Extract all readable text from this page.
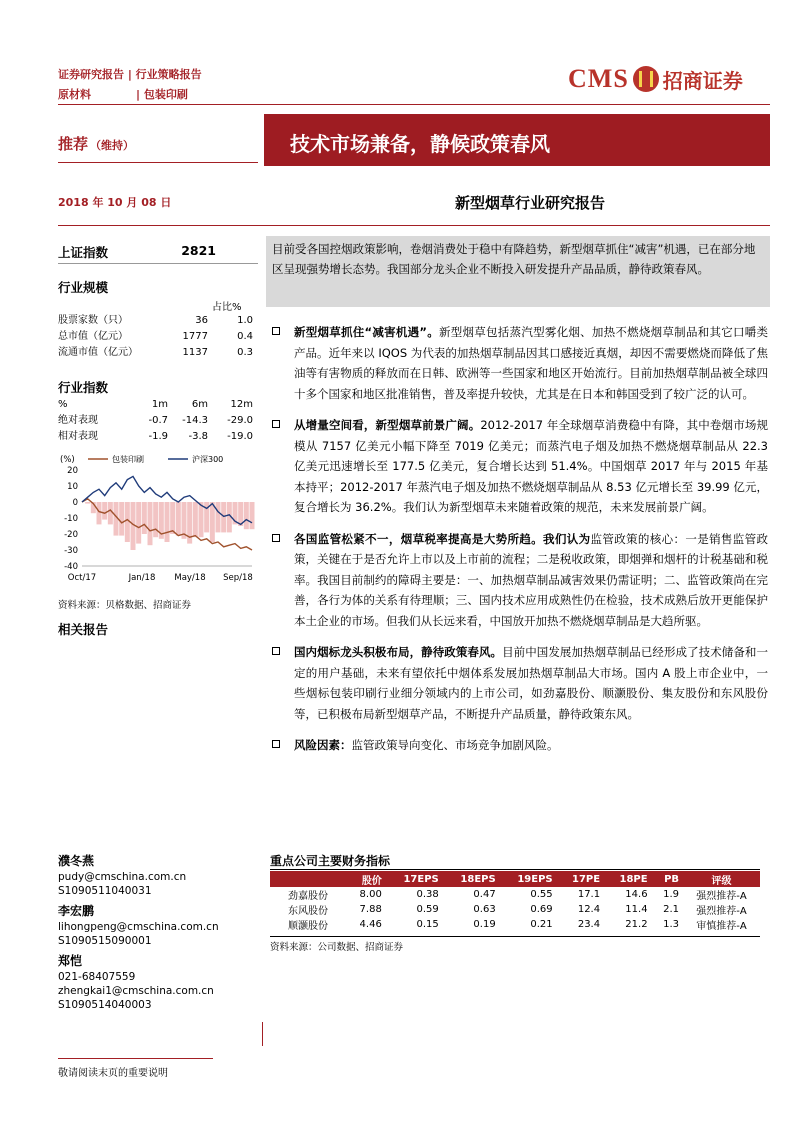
证券研究报告 | 行业策略报告
原材料	| 包装印刷
CMS 招商证券
推荐 （维持）	技术市场兼备，静候政策春风
2018 年 10 月 08 日	新型烟草行业研究报告
上证指数	2821
行业规模
占比%
股票家数（只）	36	1.0
总市值（亿元）	1777	0.4
流通市值（亿元）	1137	0.3
行业指数
%	1m	6m	12m
绝对表现	-0.7	-14.3	-29.0
相对表现	-1.9	-3.8	-19.0
20
10
0
-10
-20
-30
-40
(%)
Oct/17	Jan/18 May/18 Sep/18
包装印刷	沪深300
资料来源：贝格数据、招商证券
相关报告
濮冬燕
pudy@cmschina.com.cn
S1090511040031
李宏鹏
lihongpeng@cmschina.com.cn
S1090515090001
郑恺
021-68407559
zhengkai1@cmschina.com.cn
S1090514040003
目前受各国控烟政策影响，卷烟消费处于稳中有降趋势，新型烟草抓住“减害”机遇，已在部分地区呈现强势增长态势。我国部分龙头企业不断投入研发提升产品品质，静待政策春风。
新型烟草抓住“减害机遇”。新型烟草包括蒸汽型雾化烟、加热不燃烧烟草制品和其它口嚼类产品。近年来以 IQOS 为代表的加热烟草制品因其口感接近真烟，却因不需要燃烧而降低了焦油等有害物质的释放而在日韩、欧洲等一些国家和地区开始流行。目前加热烟草制品被全球四十多个国家和地区批准销售，普及率提升较快，尤其是在日本和韩国受到了较广泛的认可。
从增量空间看，新型烟草前景广阔。2012-2017 年全球烟草消费稳中有降，其中卷烟市场规模从 7157 亿美元小幅下降至 7019 亿美元；而蒸汽电子烟及加热不燃烧烟草制品从 22.3 亿美元迅速增长至 177.5 亿美元，复合增长达到 51.4%。中国烟草 2017 年与 2015 年基本持平；2012-2017 年蒸汽电子烟及加热不燃烧烟草制品从 8.53 亿元增长至 39.99 亿元，复合增长为 36.2%。我们认为新型烟草未来随着政策的规范，未来发展前景广阔。
各国监管松紧不一，烟草税率提高是大势所趋。我们认为监管政策的核心：一是销售监管政策，关键在于是否允许上市以及上市前的流程；二是税收政策，即烟弹和烟杆的计税基础和税率。我国目前制约的障碍主要是：一、加热烟草制品减害效果仍需证明；二、监管政策尚在完善，各行为体的关系有待理顺；三、国内技术应用成熟性仍在检验，技术成熟后放开更能保护本土企业的市场。但我们从长远来看，中国放开加热不燃烧烟草制品是大趋所驱。
国内烟标龙头积极布局，静待政策春风。目前中国发展加热烟草制品已经形成了技术储备和一定的用户基础，未来有望依托中烟体系发展加热烟草制品大市场。国内 A 股上市企业中，一些烟标包装印刷行业细分领域内的上市公司，如劲嘉股份、顺灏股份、集友股份和东风股份等，已积极布局新型烟草产品，不断提升产品质量，静待政策东风。
风险因素：监管政策导向变化、市场竞争加剧风险。
重点公司主要财务指标
	股价	17EPS	18EPS	19EPS	17PE	18PE	PB	评级
劲嘉股份	8.00	0.38	0.47	0.55	17.1	14.6	1.9	强烈推荐-A
东风股份	7.88	0.59	0.63	0.69	12.4	11.4	2.1	强烈推荐-A
顺灏股份	4.46	0.15	0.19	0.21	23.4	21.2	1.3	审慎推荐-A
资料来源：公司数据、招商证券
敬请阅读末页的重要说明
